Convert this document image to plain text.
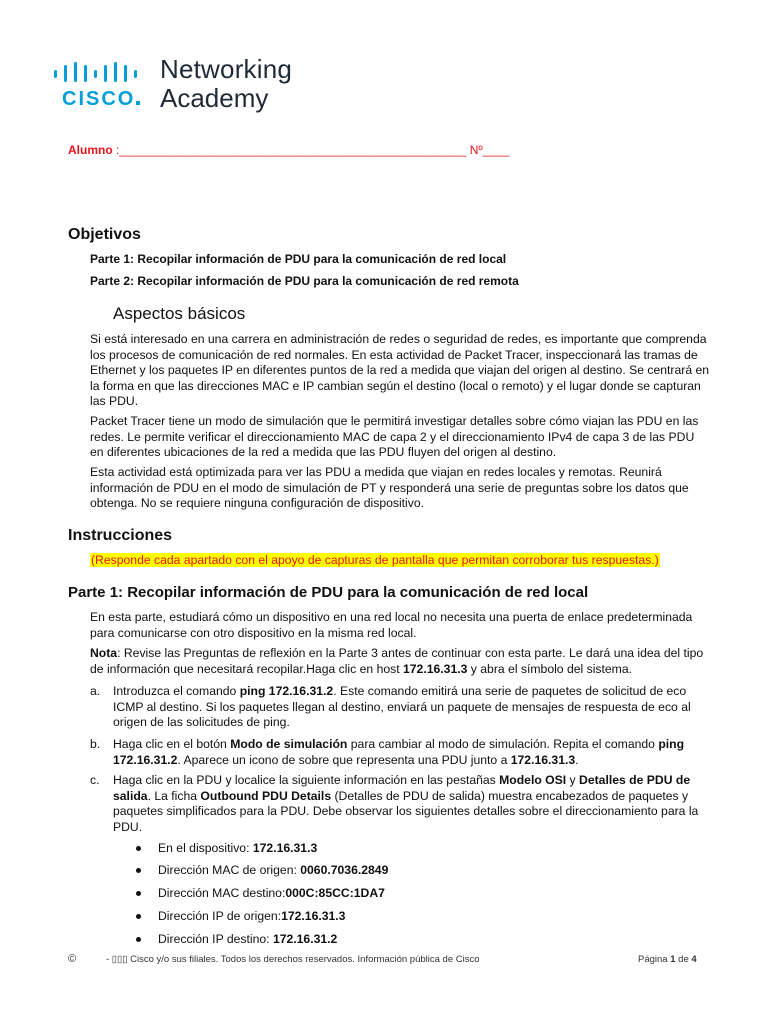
CISCO
Networking
Academy
Alumno :____________________________________________________ Nº____
Objetivos
Parte 1: Recopilar información de PDU para la comunicación de red local
Parte 2: Recopilar información de PDU para la comunicación de red remota
Aspectos básicos

Si está interesado en una carrera en administración de redes o seguridad de redes, es importante que comprenda los procesos de comunicación de red normales. En esta actividad de Packet Tracer, inspeccionará las tramas de Ethernet y los paquetes IP en diferentes puntos de la red a medida que viajan del origen al destino. Se centrará en la forma en que las direcciones MAC e IP cambian según el destino (local o remoto) y el lugar donde se capturan las PDU.

Packet Tracer tiene un modo de simulación que le permitirá investigar detalles sobre cómo viajan las PDU en las redes. Le permite verificar el direccionamiento MAC de capa 2 y el direccionamiento IPv4 de capa 3 de las PDU en diferentes ubicaciones de la red a medida que las PDU fluyen del origen al destino.

Esta actividad está optimizada para ver las PDU a medida que viajan en redes locales y remotas. Reunirá información de PDU en el modo de simulación de PT y responderá una serie de preguntas sobre los datos que obtenga. No se requiere ninguna configuración de dispositivo.

Instrucciones
(Responde cada apartado con el apoyo de capturas de pantalla que permitan corroborar tus respuestas.)
Parte 1: Recopilar información de PDU para la comunicación de red local

En esta parte, estudiará cómo un dispositivo en una red local no necesita una puerta de enlace predeterminada para comunicarse con otro dispositivo en la misma red local.

Nota: Revise las Preguntas de reflexión en la Parte 3 antes de continuar con esta parte. Le dará una idea del tipo de información que necesitará recopilar.Haga clic en host 172.16.31.3 y abra el símbolo del sistema.

a. Introduzca el comando ping 172.16.31.2. Este comando emitirá una serie de paquetes de solicitud de eco ICMP al destino. Si los paquetes llegan al destino, enviará un paquete de mensajes de respuesta de eco al origen de las solicitudes de ping.
b. Haga clic en el botón Modo de simulación para cambiar al modo de simulación. Repita el comando ping 172.16.31.2. Aparece un icono de sobre que representa una PDU junto a 172.16.31.3.
c. Haga clic en la PDU y localice la siguiente información en las pestañas Modelo OSI y Detalles de PDU de salida. La ficha Outbound PDU Details (Detalles de PDU de salida) muestra encabezados de paquetes y paquetes simplificados para la PDU. Debe observar los siguientes detalles sobre el direccionamiento para la PDU.
En el dispositivo: 172.16.31.3
Dirección MAC de origen: 0060.7036.2849
Dirección MAC destino:000C:85CC:1DA7
Dirección IP de origen:172.16.31.3
Dirección IP destino: 172.16.31.2
©	- ▯▯▯ Cisco y/o sus filiales. Todos los derechos reservados. Información pública de Cisco	Página 1 de 4
